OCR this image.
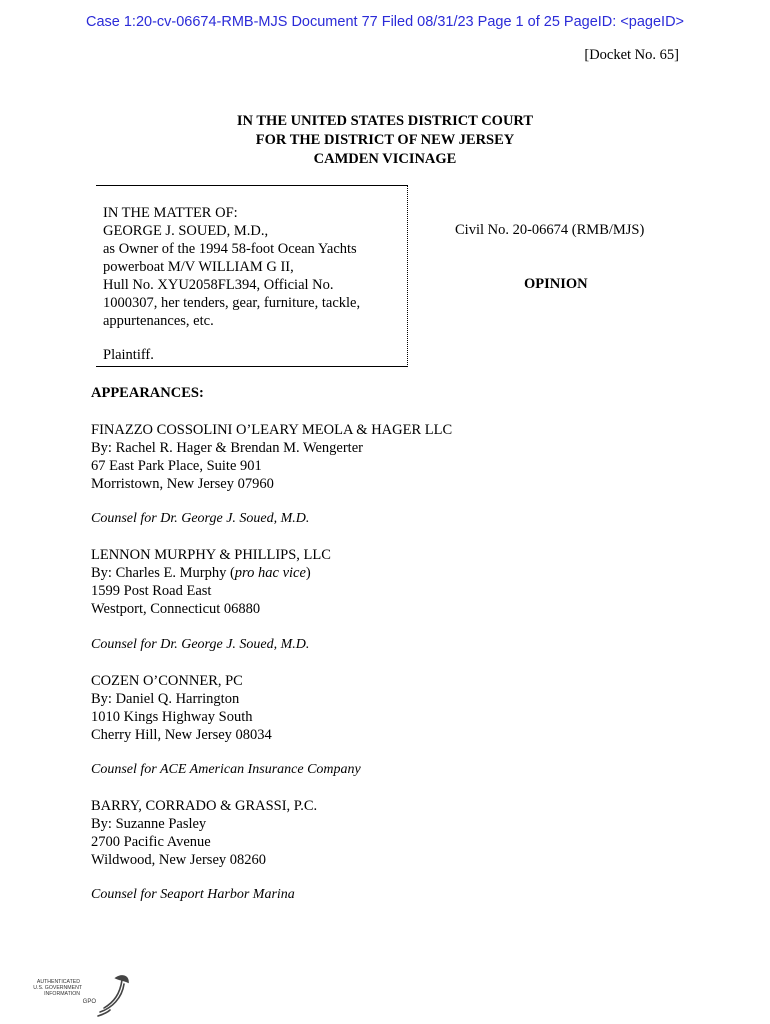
Case 1:20-cv-06674-RMB-MJS Document 77 Filed 08/31/23 Page 1 of 25 PageID: <pageID>
[Docket No. 65]
IN THE UNITED STATES DISTRICT COURT
FOR THE DISTRICT OF NEW JERSEY
CAMDEN VICINAGE
IN THE MATTER OF:
GEORGE J. SOUED, M.D.,
as Owner of the 1994 58-foot Ocean Yachts
powerboat M/V WILLIAM G II,
Hull No. XYU2058FL394, Official No.
1000307, her tenders, gear, furniture, tackle,
appurtenances, etc.
Plaintiff.
Civil No. 20-06674 (RMB/MJS)
OPINION
APPEARANCES:
FINAZZO COSSOLINI O’LEARY MEOLA & HAGER LLC
By: Rachel R. Hager & Brendan M. Wengerter
67 East Park Place, Suite 901
Morristown, New Jersey 07960
Counsel for Dr. George J. Soued, M.D.
LENNON MURPHY & PHILLIPS, LLC
By: Charles E. Murphy (pro hac vice)
1599 Post Road East
Westport, Connecticut 06880
Counsel for Dr. George J. Soued, M.D.
COZEN O’CONNER, PC
By: Daniel Q. Harrington
1010 Kings Highway South
Cherry Hill, New Jersey 08034
Counsel for ACE American Insurance Company
BARRY, CORRADO & GRASSI, P.C.
By: Suzanne Pasley
2700 Pacific Avenue
Wildwood, New Jersey 08260
Counsel for Seaport Harbor Marina
AUTHENTICATED
U.S. GOVERNMENT
INFORMATION
GPO
